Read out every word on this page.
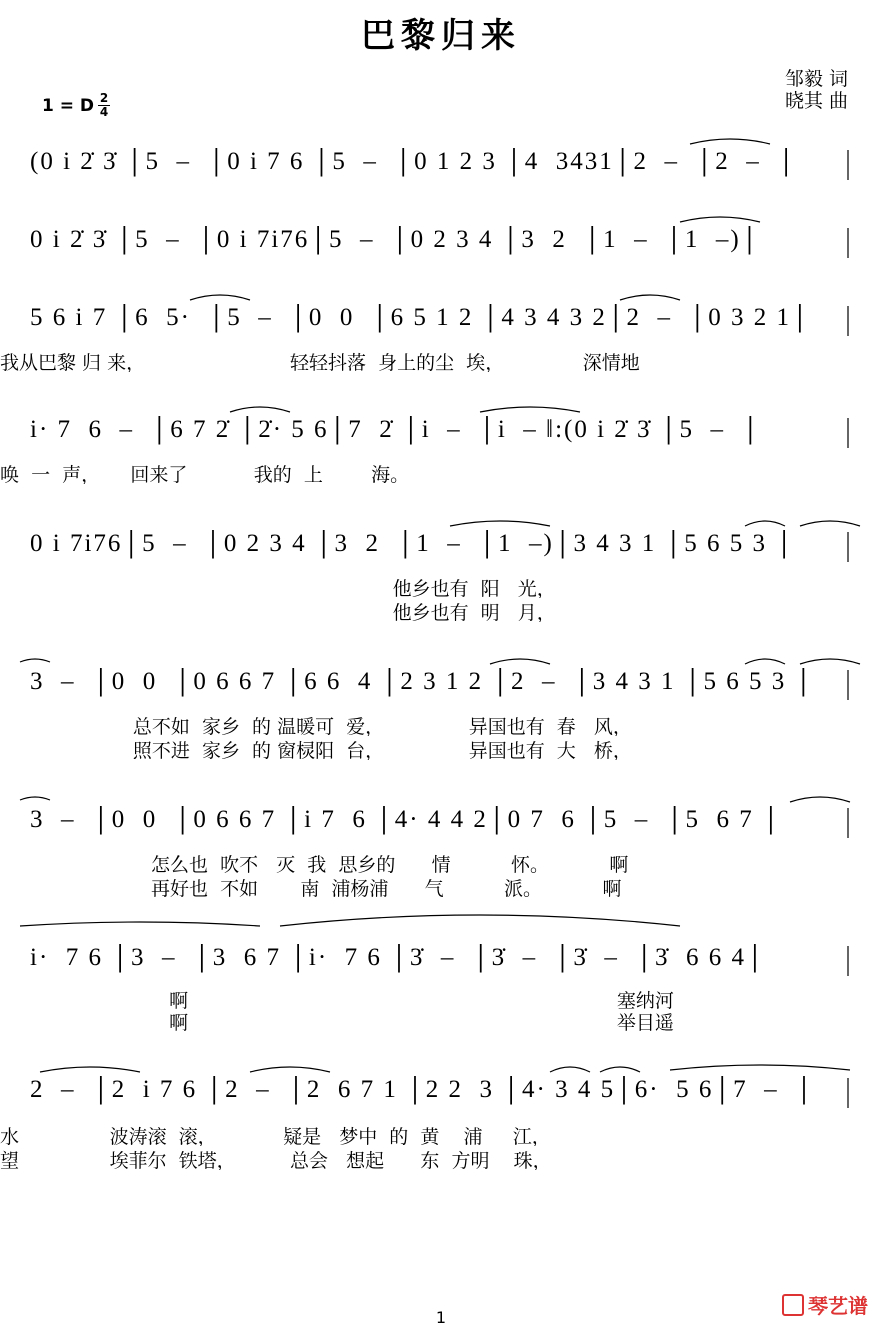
巴黎归来
邹毅 词
晓其 曲
1 = D $\frac{2}{4}$
(0 i 2̇ 3̇ │5  –  │0 i 7 6 │5  –  │0 1 2 3 │4  3431│2  –  │2  –  │
0 i 2̇ 3̇ │5  –  │0 i 7i76│5  –  │0 2 3 4 │3  2  │1  –  │1  –)│
5 6 i 7 │6  5·  │5  –  │0  0  │6 5 1 2 │4 3 4 3 2│2  –  │0 3 2 1│
我从巴黎 归 来，                        轻轻抖落  身上的尘  埃，             深情地
i· 7  6  –  │6 7 2̇ │2̇· 5 6│7  2̇ │i  –  │i  – ‖:(0 i 2̇ 3̇ │5  –  │
唤  一  声，     回来了           我的  上        海。
0 i 7i76│5  –  │0 2 3 4 │3  2  │1  –  │1  –)│3 4 3 1 │5 6 5 3 │
他乡也有  阳   光，
他乡也有  明   月，
3  –  │0  0  │0 6 6 7 │6 6  4 │2 3 1 2 │2  –  │3 4 3 1 │5 6 5 3 │
总不如  家乡  的 温暖可  爱，              异国也有  春   风，
照不进  家乡  的 窗棂阳  台，              异国也有  大   桥，
3  –  │0  0  │0 6 6 7 │i 7  6 │4· 4 4 2│0 7  6 │5  –  │5  6 7 │
怎么也  吹不   灭  我  思乡的      情          怀。          啊
再好也  不如       南  浦杨浦      气          派。          啊
i·  7 6 │3  –  │3  6 7 │i·  7 6 │3̇  –  │3̇  –  │3̇  –  │3̇  6 6 4│
啊                                                                       塞纳河
啊                                                                       举目遥
2  –  │2  i 7 6 │2  –  │2  6 7 1 │2 2  3 │4· 3 4 5│6·  5 6│7  –  │
水               波涛滚  滚，           疑是   梦中  的  黄    浦     江，
望               埃菲尔  铁塔，         总会   想起      东  方明    珠，
1	琴艺谱
